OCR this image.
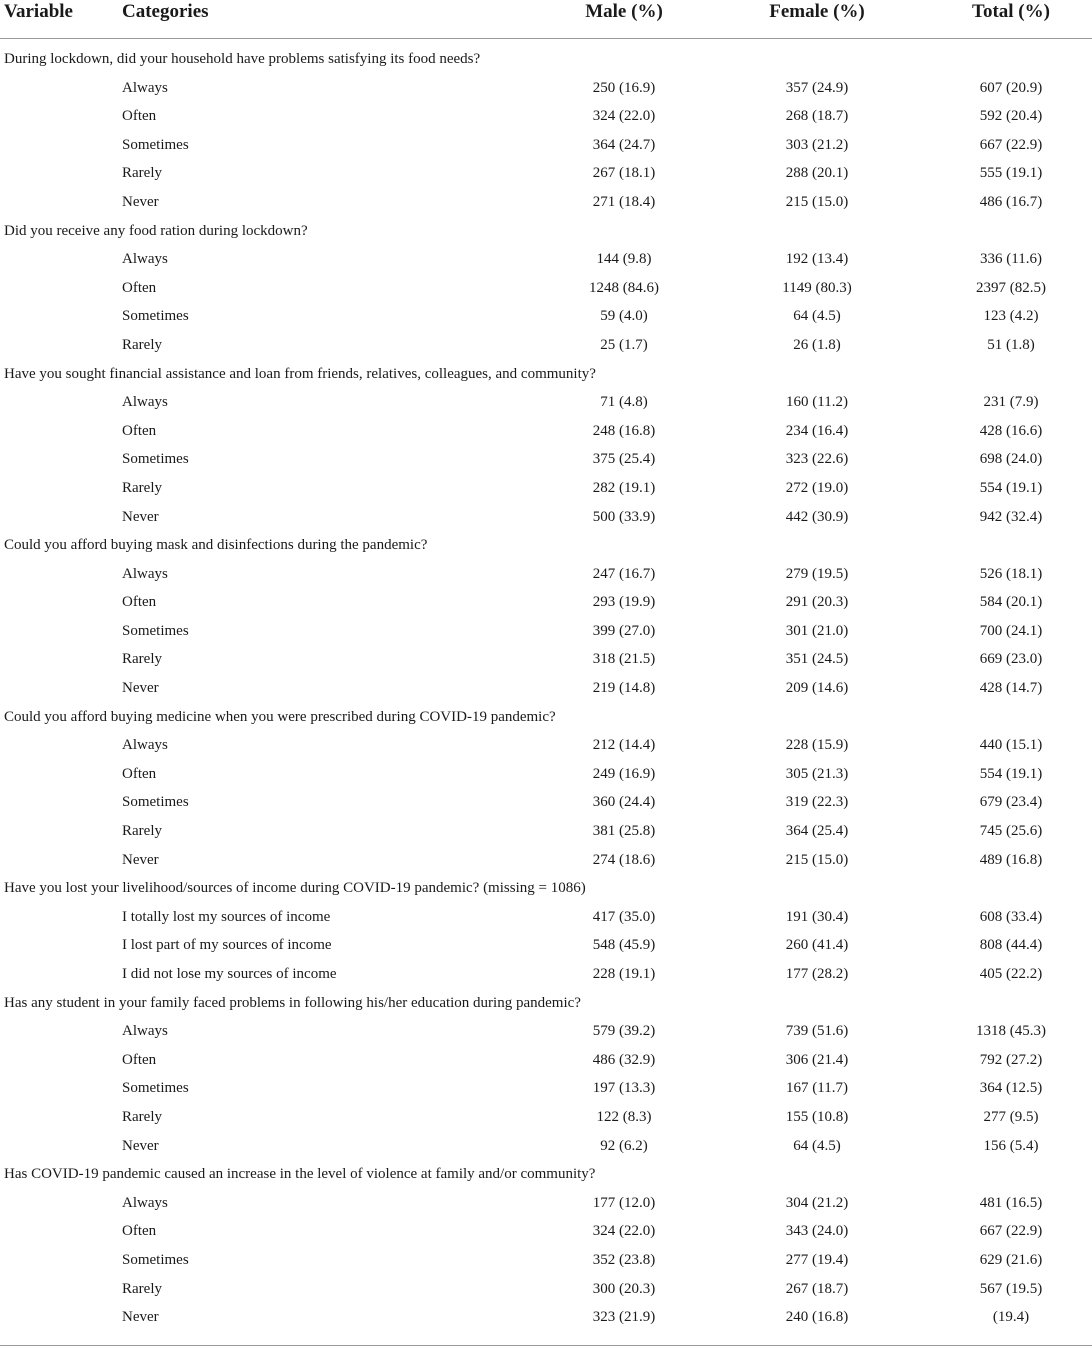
Variable	Categories	Male (%)	Female (%)	Total (%)
During lockdown, did your household have problems satisfying its food needs?
Always	250 (16.9)	357 (24.9)	607 (20.9)
Often	324 (22.0)	268 (18.7)	592 (20.4)
Sometimes	364 (24.7)	303 (21.2)	667 (22.9)
Rarely	267 (18.1)	288 (20.1)	555 (19.1)
Never	271 (18.4)	215 (15.0)	486 (16.7)
Did you receive any food ration during lockdown?
Always	144 (9.8)	192 (13.4)	336 (11.6)
Often	1248 (84.6)	1149 (80.3)	2397 (82.5)
Sometimes	59 (4.0)	64 (4.5)	123 (4.2)
Rarely	25 (1.7)	26 (1.8)	51 (1.8)
Have you sought financial assistance and loan from friends, relatives, colleagues, and community?
Always	71 (4.8)	160 (11.2)	231 (7.9)
Often	248 (16.8)	234 (16.4)	428 (16.6)
Sometimes	375 (25.4)	323 (22.6)	698 (24.0)
Rarely	282 (19.1)	272 (19.0)	554 (19.1)
Never	500 (33.9)	442 (30.9)	942 (32.4)
Could you afford buying mask and disinfections during the pandemic?
Always	247 (16.7)	279 (19.5)	526 (18.1)
Often	293 (19.9)	291 (20.3)	584 (20.1)
Sometimes	399 (27.0)	301 (21.0)	700 (24.1)
Rarely	318 (21.5)	351 (24.5)	669 (23.0)
Never	219 (14.8)	209 (14.6)	428 (14.7)
Could you afford buying medicine when you were prescribed during COVID-19 pandemic?
Always	212 (14.4)	228 (15.9)	440 (15.1)
Often	249 (16.9)	305 (21.3)	554 (19.1)
Sometimes	360 (24.4)	319 (22.3)	679 (23.4)
Rarely	381 (25.8)	364 (25.4)	745 (25.6)
Never	274 (18.6)	215 (15.0)	489 (16.8)
Have you lost your livelihood/sources of income during COVID-19 pandemic? (missing = 1086)
I totally lost my sources of income	417 (35.0)	191 (30.4)	608 (33.4)
I lost part of my sources of income	548 (45.9)	260 (41.4)	808 (44.4)
I did not lose my sources of income	228 (19.1)	177 (28.2)	405 (22.2)
Has any student in your family faced problems in following his/her education during pandemic?
Always	579 (39.2)	739 (51.6)	1318 (45.3)
Often	486 (32.9)	306 (21.4)	792 (27.2)
Sometimes	197 (13.3)	167 (11.7)	364 (12.5)
Rarely	122 (8.3)	155 (10.8)	277 (9.5)
Never	92 (6.2)	64 (4.5)	156 (5.4)
Has COVID-19 pandemic caused an increase in the level of violence at family and/or community?
Always	177 (12.0)	304 (21.2)	481 (16.5)
Often	324 (22.0)	343 (24.0)	667 (22.9)
Sometimes	352 (23.8)	277 (19.4)	629 (21.6)
Rarely	300 (20.3)	267 (18.7)	567 (19.5)
Never	323 (21.9)	240 (16.8)	(19.4)
